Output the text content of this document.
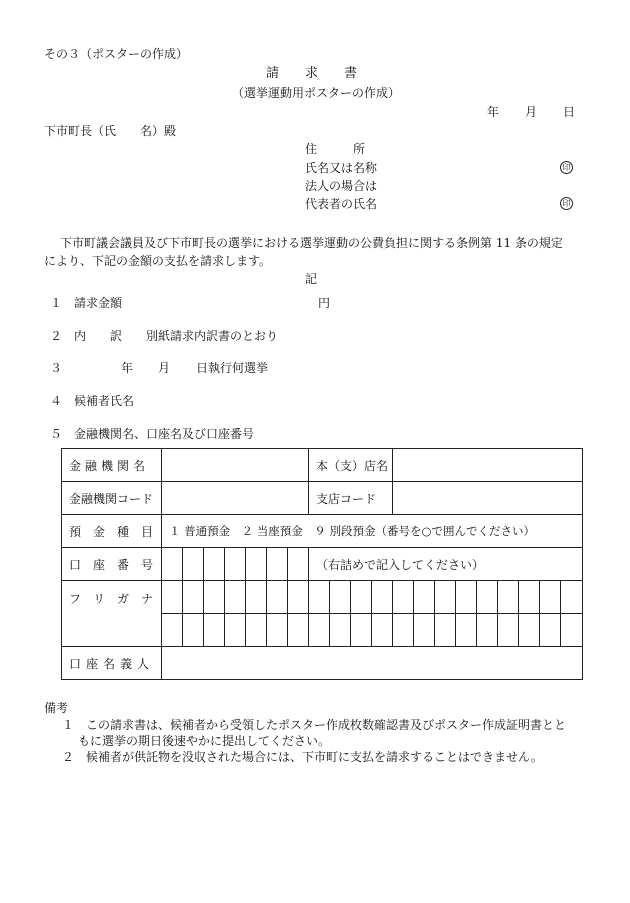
その３（ポスターの作成）
請　　求　　書
（選挙運動用ポスターの作成）
年 月 日
下市町長（氏　　名）殿
住　　　所
氏名又は名称	印
法人の場合は
代表者の氏名	印
下市町議会議員及び下市町長の選挙における選挙運動の公費負担に関する条例第 11 条の規定
により、下記の金額の支払を請求します。
記
１　請求金額	円
２　内　　訳 別紙請求内訳書のとおり
３	年 月 日執行何選挙
４　候補者氏名
５　金融機関名、口座名及び口座番号
金融機関名								本（支）店名												
金融機関コード								支店コード												
預　金　種　目	１ 普通預金　２ 当座預金　９ 別段預金（番号を○で囲んでください）																			
口　座　番　号								（右詰めで記入してください）												
フ　リ　ガ　ナ																				

口座名義人																				
備考
１　この請求書は、候補者から受領したポスター作成枚数確認書及びポスター作成証明書とと
もに選挙の期日後速やかに提出してください。
２　候補者が供託物を没収された場合には、下市町に支払を請求することはできません。
